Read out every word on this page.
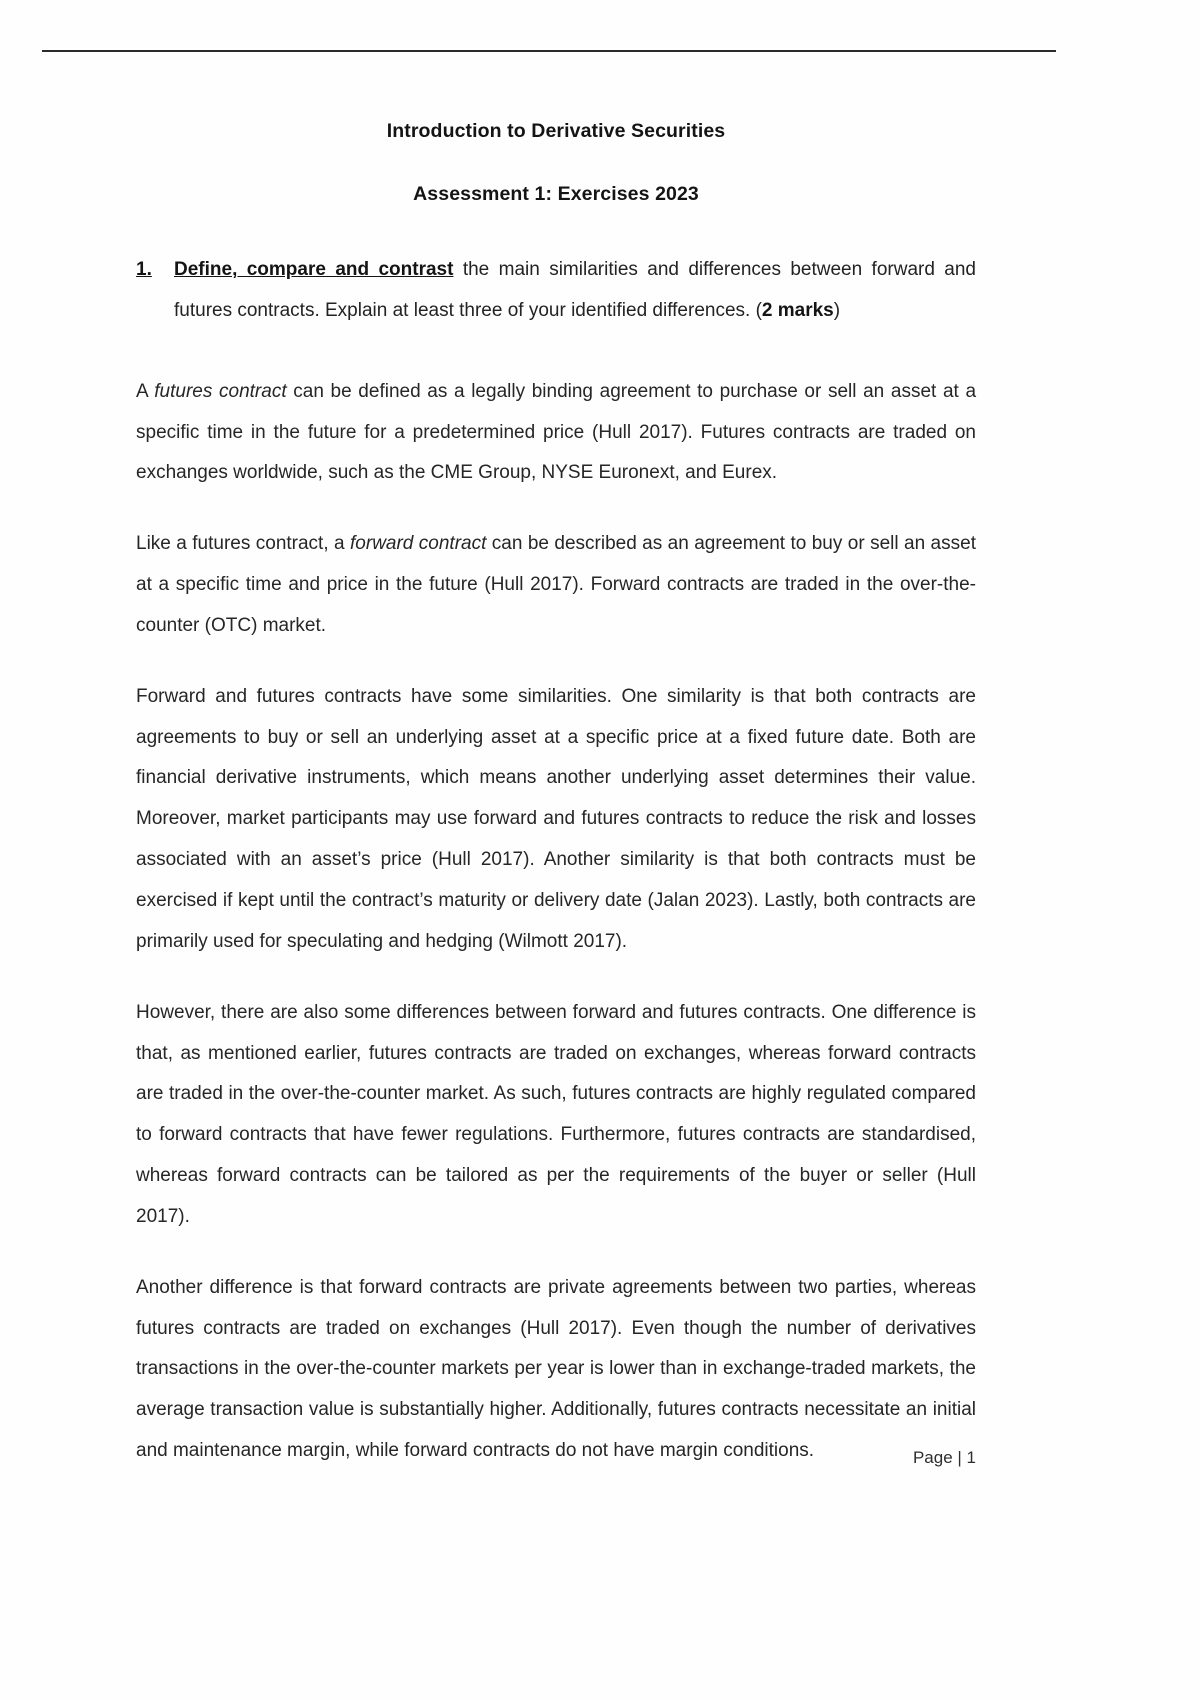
Introduction to Derivative Securities
Assessment 1: Exercises 2023
1.	Define, compare and contrast the main similarities and differences between forward and futures contracts. Explain at least three of your identified differences. (2 marks)

A futures contract can be defined as a legally binding agreement to purchase or sell an asset at a specific time in the future for a predetermined price (Hull 2017). Futures contracts are traded on exchanges worldwide, such as the CME Group, NYSE Euronext, and Eurex.

Like a futures contract, a forward contract can be described as an agreement to buy or sell an asset at a specific time and price in the future (Hull 2017). Forward contracts are traded in the over-the-counter (OTC) market.

Forward and futures contracts have some similarities. One similarity is that both contracts are agreements to buy or sell an underlying asset at a specific price at a fixed future date. Both are financial derivative instruments, which means another underlying asset determines their value. Moreover, market participants may use forward and futures contracts to reduce the risk and losses associated with an asset’s price (Hull 2017). Another similarity is that both contracts must be exercised if kept until the contract’s maturity or delivery date (Jalan 2023). Lastly, both contracts are primarily used for speculating and hedging (Wilmott 2017).

However, there are also some differences between forward and futures contracts. One difference is that, as mentioned earlier, futures contracts are traded on exchanges, whereas forward contracts are traded in the over-the-counter market. As such, futures contracts are highly regulated compared to forward contracts that have fewer regulations. Furthermore, futures contracts are standardised, whereas forward contracts can be tailored as per the requirements of the buyer or seller (Hull 2017).

Another difference is that forward contracts are private agreements between two parties, whereas futures contracts are traded on exchanges (Hull 2017). Even though the number of derivatives transactions in the over-the-counter markets per year is lower than in exchange-traded markets, the average transaction value is substantially higher. Additionally, futures contracts necessitate an initial and maintenance margin, while forward contracts do not have margin conditions.	Page | 1
